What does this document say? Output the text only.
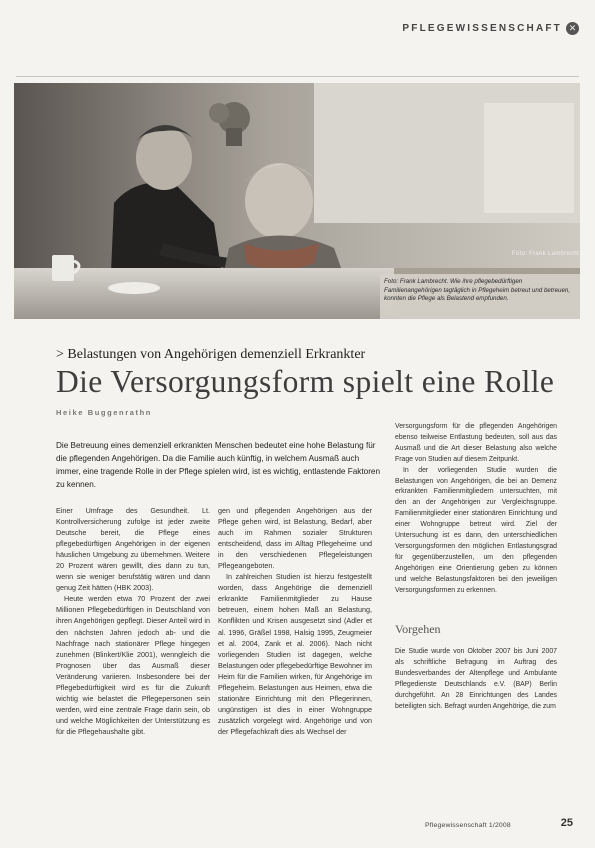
PFLEGEWISSENSCHAFT ✕
Foto: Frank Lambrecht
Foto: Frank Lambrecht. Wie ihre pflegebedürftigen Familienangehörigen tagtäglich in Pflegeheim betreut und betreuen, konnten die Pflege als Belastend empfunden.
> Belastungen von Angehörigen demenziell Erkrankter
Die Versorgungsform spielt eine Rolle
Heike Buggenrathn
Die Betreuung eines demenziell erkrankten Menschen bedeutet eine hohe Belastung für die pflegenden Angehörigen. Da die Familie auch künftig, in welchem Ausmaß auch immer, eine tragende Rolle in der Pflege spielen wird, ist es wichtig, entlastende Faktoren zu kennen.

Einer Umfrage des Gesundheit. Lt. Kontrollversicherung zufolge ist jeder zweite Deutsche bereit, die Pflege eines pflegebedürftigen Angehörigen in der eigenen häuslichen Umgebung zu übernehmen. Weitere 20 Prozent wären gewillt, dies dann zu tun, wenn sie weniger berufstätig wären und dann genug Zeit hätten (HBK 2003).

Heute werden etwa 70 Prozent der zwei Millionen Pflegebedürftigen in Deutschland von ihren Angehörigen gepflegt. Dieser Anteil wird in den nächsten Jahren jedoch ab- und die Nachfrage nach stationärer Pflege hingegen zunehmen (Blinkert/Klie 2001), wenngleich die Prognosen über das Ausmaß dieser Veränderung variieren. Insbesondere bei der Pflegebedürftigkeit wird es für die Zukunft wichtig wie belastet die Pflegepersonen sein werden, wird eine zentrale Frage darin sein, ob und welche Möglichkeiten der Unterstützung es für die Pflegehaushalte gibt.

gen und pflegenden Angehörigen aus der Pflege gehen wird, ist Belastung, Bedarf, aber auch im Rahmen sozialer Strukturen entscheidend, dass im Alltag Pflegeheime und in den verschiedenen Pflegeleistungen Pflegeangeboten.

In zahlreichen Studien ist hierzu festgestellt worden, dass Angehörige die demenziell erkrankte Familienmitglieder zu Hause betreuen, einem hohen Maß an Belastung, Konflikten und Krisen ausgesetzt sind (Adler et al. 1996, Gräßel 1998, Halsig 1995, Zeugmeier et al. 2004, Zank et al. 2006). Nach nicht vorliegenden Studien ist dagegen, welche Belastungen oder pflegebedürftige Bewohner im Heim für die Familien wirken, für Angehörige im Pflegeheim. Belastungen aus Heimen, etwa die stationäre Einrichtung mit den Pflegerinnen, ungünstigen ist dies in einer Wohngruppe zusätzlich vorgelegt wird. Angehörige und von der Pflegefachkraft dies als Wechsel der

Versorgungsform für die pflegenden Angehörigen ebenso teilweise Entlastung bedeuten, soll aus das Ausmaß und die Art dieser Belastung also welche Frage von Studien auf diesem Zeitpunkt.

In der vorliegenden Studie wurden die Belastungen von Angehörigen, die bei an Demenz erkrankten Familienmitgliedern untersuchten, mit den an der Angehörigen zur Vergleichsgruppe. Familienmitglieder einer stationären Einrichtung und einer Wohngruppe betreut wird. Ziel der Untersuchung ist es dann, den unterschiedlichen Versorgungsformen den möglichen Entlastungsgrad für gegenüberzustellen, um den pflegenden Angehörigen eine Orientierung geben zu können und welche Belastungsfaktoren bei den jeweiligen Versorgungsformen zu erkennen.

Vorgehen

Die Studie wurde von Oktober 2007 bis Juni 2007 als schriftliche Befragung im Auftrag des Bundesverbandes der Altenpflege und Ambulante Pflegedienste Deutschlands e.V. (BAP) Berlin durchgeführt. An 28 Einrichtungen des Landes beteiligten sich. Befragt wurden Angehörige, die zum

Pflegewissenschaft 1/2008	25
